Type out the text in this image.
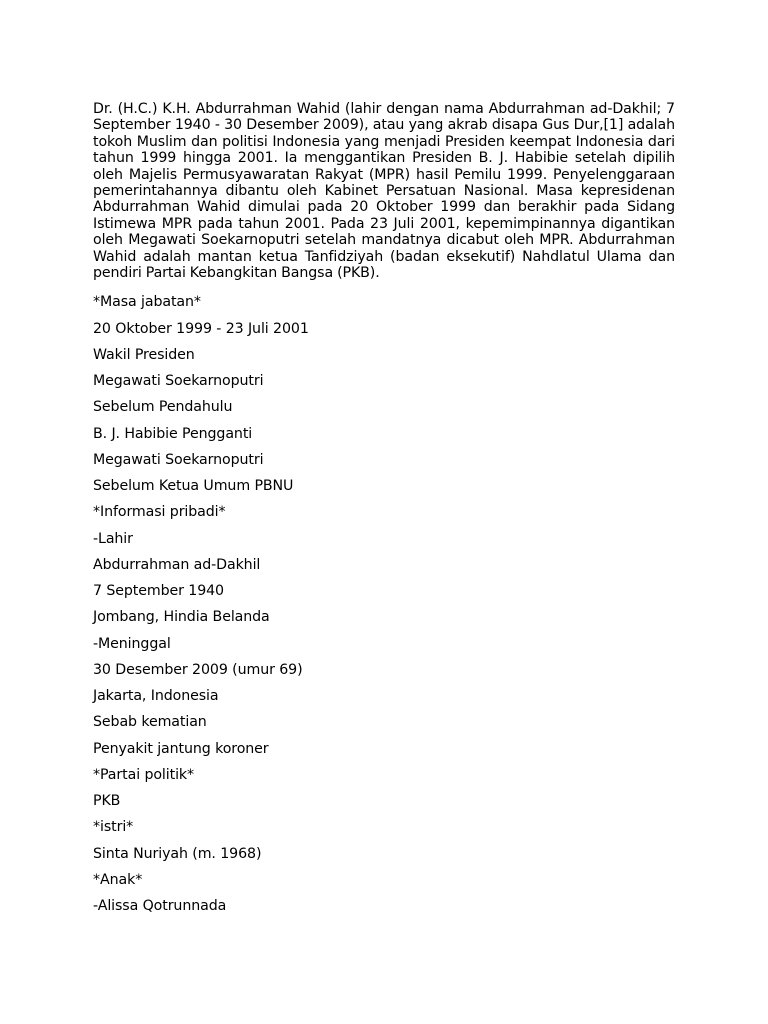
Dr. (H.C.) K.H. Abdurrahman Wahid (lahir dengan nama Abdurrahman ad-Dakhil; 7 September 1940 - 30 Desember 2009), atau yang akrab disapa Gus Dur,[1] adalah tokoh Muslim dan politisi Indonesia yang menjadi Presiden keempat Indonesia dari tahun 1999 hingga 2001. Ia menggantikan Presiden B. J. Habibie setelah dipilih oleh Majelis Permusyawaratan Rakyat (MPR) hasil Pemilu 1999. Penyelenggaraan pemerintahannya dibantu oleh Kabinet Persatuan Nasional. Masa kepresidenan Abdurrahman Wahid dimulai pada 20 Oktober 1999 dan berakhir pada Sidang Istimewa MPR pada tahun 2001. Pada 23 Juli 2001, kepemimpinannya digantikan oleh Megawati Soekarnoputri setelah mandatnya dicabut oleh MPR. Abdurrahman Wahid adalah mantan ketua Tanfidziyah (badan eksekutif) Nahdlatul Ulama dan pendiri Partai Kebangkitan Bangsa (PKB).

*Masa jabatan*
20 Oktober 1999 - 23 Juli 2001
Wakil Presiden
Megawati Soekarnoputri
Sebelum Pendahulu
B. J. Habibie Pengganti
Megawati Soekarnoputri
Sebelum Ketua Umum PBNU
*Informasi pribadi*
-Lahir
Abdurrahman ad-Dakhil
7 September 1940
Jombang, Hindia Belanda
-Meninggal
30 Desember 2009 (umur 69)
Jakarta, Indonesia
Sebab kematian
Penyakit jantung koroner
*Partai politik*
PKB
*istri*
Sinta Nuriyah (m. 1968)
*Anak*
-Alissa Qotrunnada
